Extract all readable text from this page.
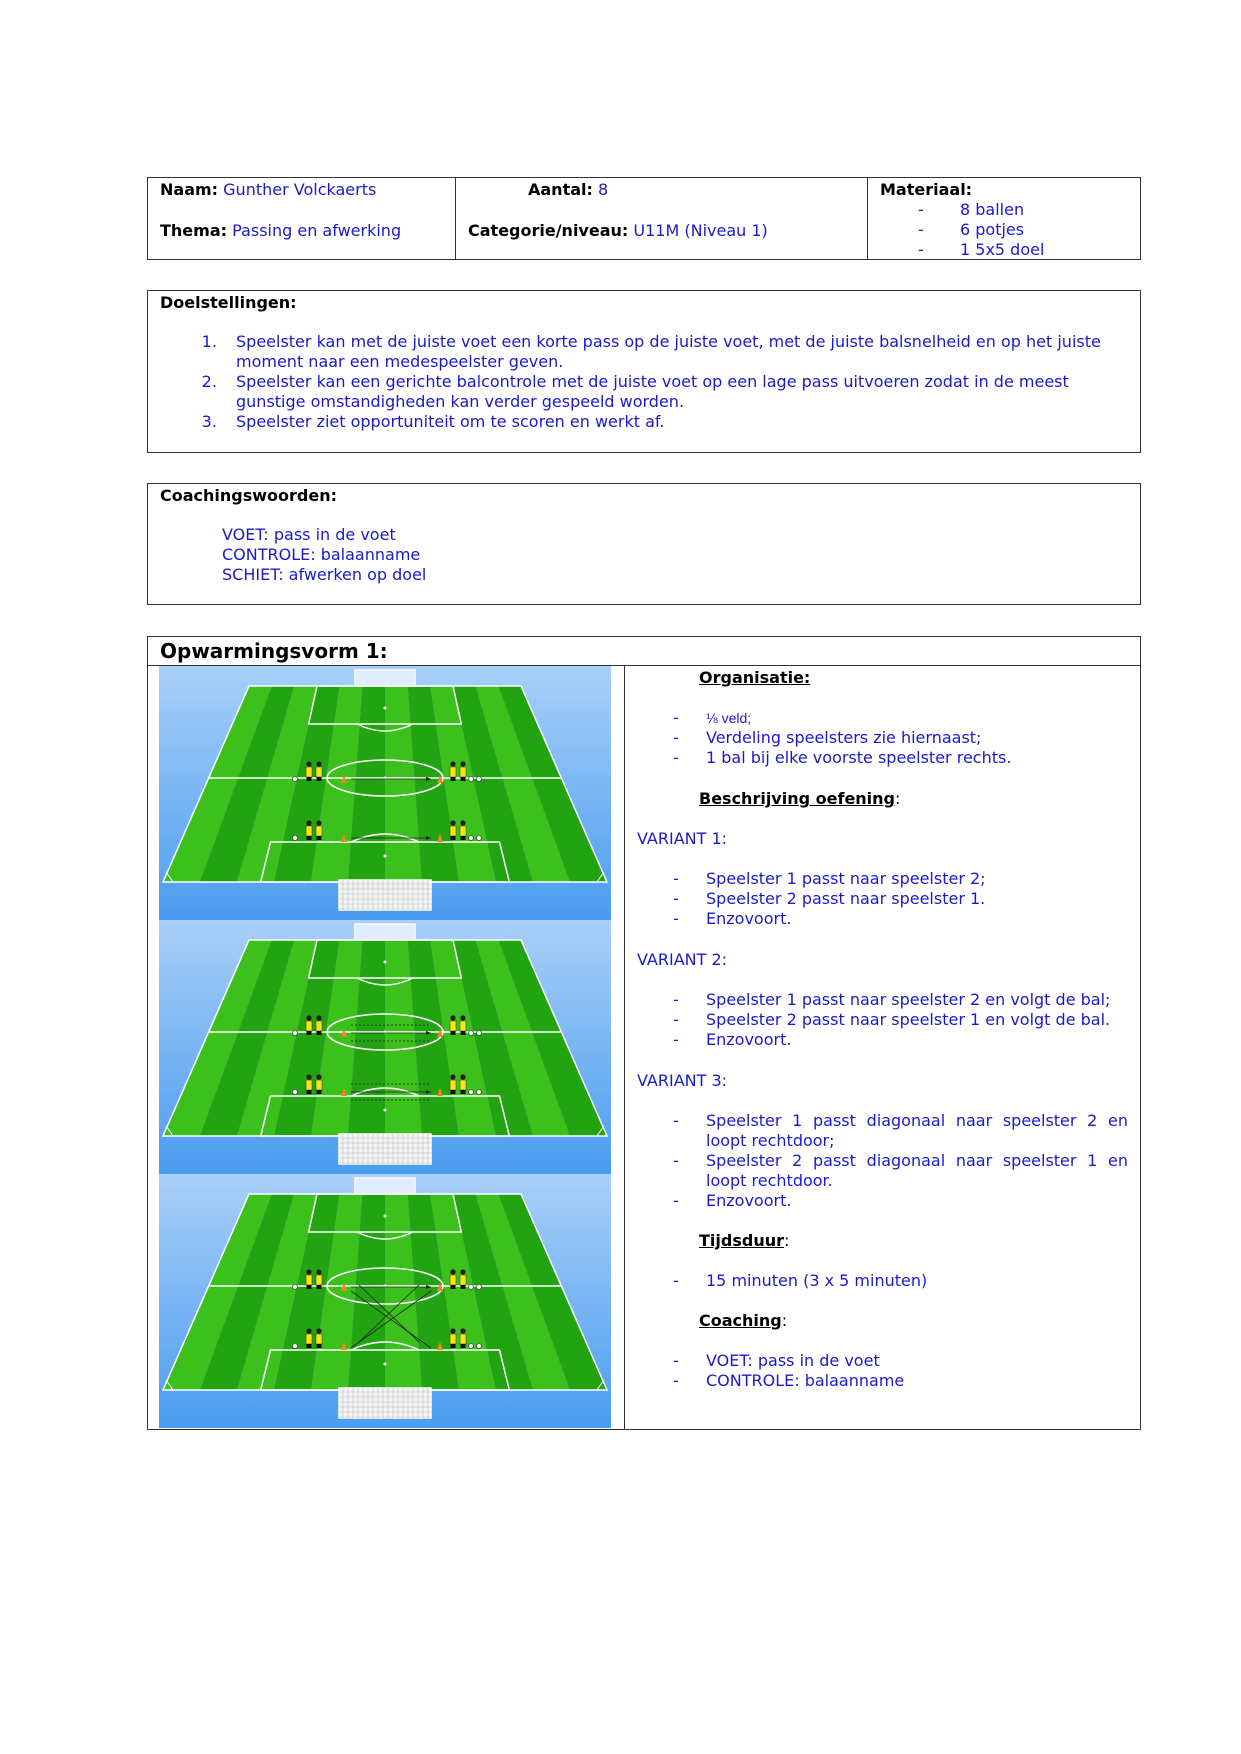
Naam: Gunther Volckaerts
Thema: Passing en afwerking
Aantal: 8
Categorie/niveau: U11M (Niveau 1)
Materiaal:
-	8 ballen
-	6 potjes
-	1 5x5 doel
Doelstellingen:
1. Speelster kan met de juiste voet een korte pass op de juiste voet, met de juiste balsnelheid en op het juiste moment naar een medespeelster geven.
2. Speelster kan een gerichte balcontrole met de juiste voet op een lage pass uitvoeren zodat in de meest gunstige omstandigheden kan verder gespeeld worden.
3. Speelster ziet opportuniteit om te scoren en werkt af.
Coachingswoorden:
VOET: pass in de voet
CONTROLE: balaanname
SCHIET: afwerken op doel
Opwarmingsvorm 1:
Organisatie:
-	⅛ veld;
-	Verdeling speelsters zie hiernaast;
-	1 bal bij elke voorste speelster rechts.
Beschrijving oefening:
VARIANT 1:
-	Speelster 1 passt naar speelster 2;
-	Speelster 2 passt naar speelster 1.
-	Enzovoort.
VARIANT 2:
-	Speelster 1 passt naar speelster 2 en volgt de bal;
-	Speelster 2 passt naar speelster 1 en volgt de bal.
-	Enzovoort.
VARIANT 3:
-	Speelster 1 passt diagonaal naar speelster 2 en loopt rechtdoor;
-	Speelster 2 passt diagonaal naar speelster 1 en loopt rechtdoor.
-	Enzovoort.
Tijdsduur:
-	15 minuten (3 x 5 minuten)
Coaching:
-	VOET: pass in de voet
-	CONTROLE: balaanname
